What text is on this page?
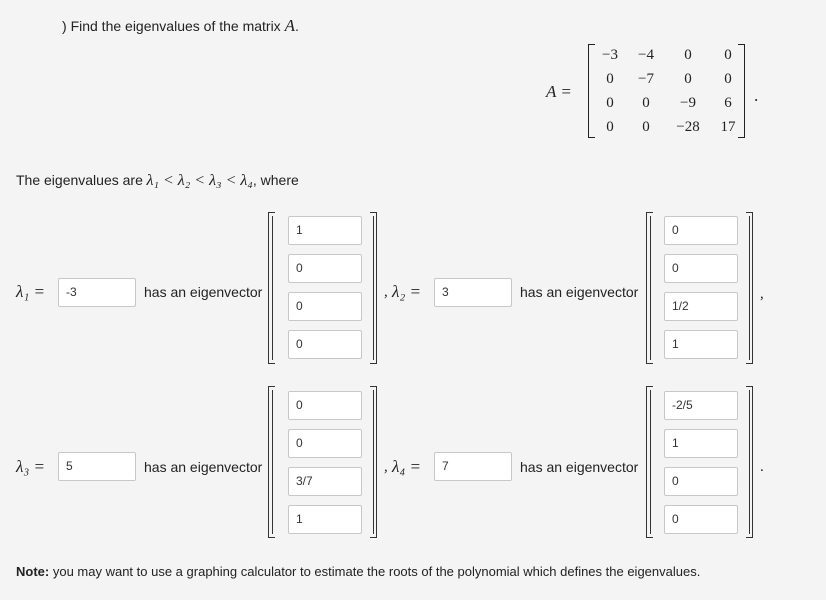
) Find the eigenvalues of the matrix A.
A =
−3	−4	0	0
0	−7	0	0
0	0	−9	6
0	0	−28	17
.
The eigenvalues are λ₁ < λ₂ < λ₃ < λ₄, where
λ₁ =	-3	has an eigenvector
1
0
0
0
, λ₂ =	3	has an eigenvector
0
0
1/2
1
,
λ₃ =	5	has an eigenvector
0
0
3/7
1
, λ₄ =	7	has an eigenvector
-2/5
1
0
0
.
Note: you may want to use a graphing calculator to estimate the roots of the polynomial which defines the eigenvalues.
